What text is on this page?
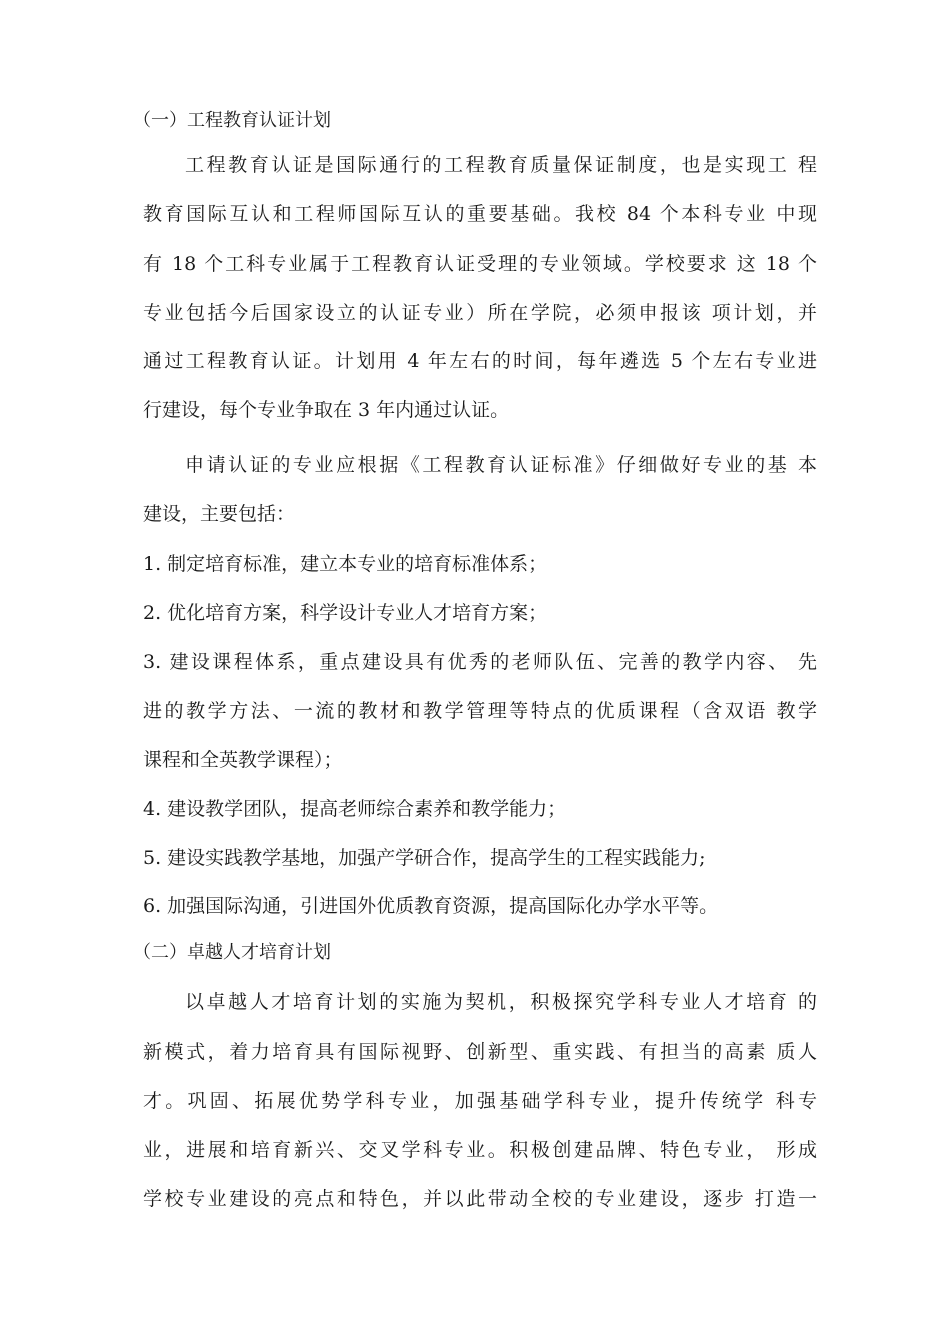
（一）工程教育认证计划
工程教育认证是国际通行的工程教育质量保证制度，也是实现工 程
教育国际互认和工程师国际互认的重要基础。我校 84 个本科专业 中现
有 18 个工科专业属于工程教育认证受理的专业领域。学校要求 这 18 个
专业包括今后国家设立的认证专业）所在学院，必须申报该 项计划，并
通过工程教育认证。计划用 4 年左右的时间，每年遴选 5 个左右专业进
行建设，每个专业争取在 3 年内通过认证。
申请认证的专业应根据《工程教育认证标准》仔细做好专业的基 本
建设，主要包括：
1. 制定培育标准，建立本专业的培育标准体系；
2. 优化培育方案，科学设计专业人才培育方案；
3. 建设课程体系，重点建设具有优秀的老师队伍、完善的教学内容、 先
进的教学方法、一流的教材和教学管理等特点的优质课程（含双语 教学
课程和全英教学课程）；
4. 建设教学团队，提高老师综合素养和教学能力；
5. 建设实践教学基地，加强产学研合作，提高学生的工程实践能力;
6. 加强国际沟通，引进国外优质教育资源，提高国际化办学水平等。
（二）卓越人才培育计划
以卓越人才培育计划的实施为契机，积极探究学科专业人才培育 的
新模式，着力培育具有国际视野、创新型、重实践、有担当的高素 质人
才。巩固、拓展优势学科专业，加强基础学科专业，提升传统学 科专
业，进展和培育新兴、交叉学科专业。积极创建品牌、特色专业， 形成
学校专业建设的亮点和特色，并以此带动全校的专业建设，逐步 打造一
